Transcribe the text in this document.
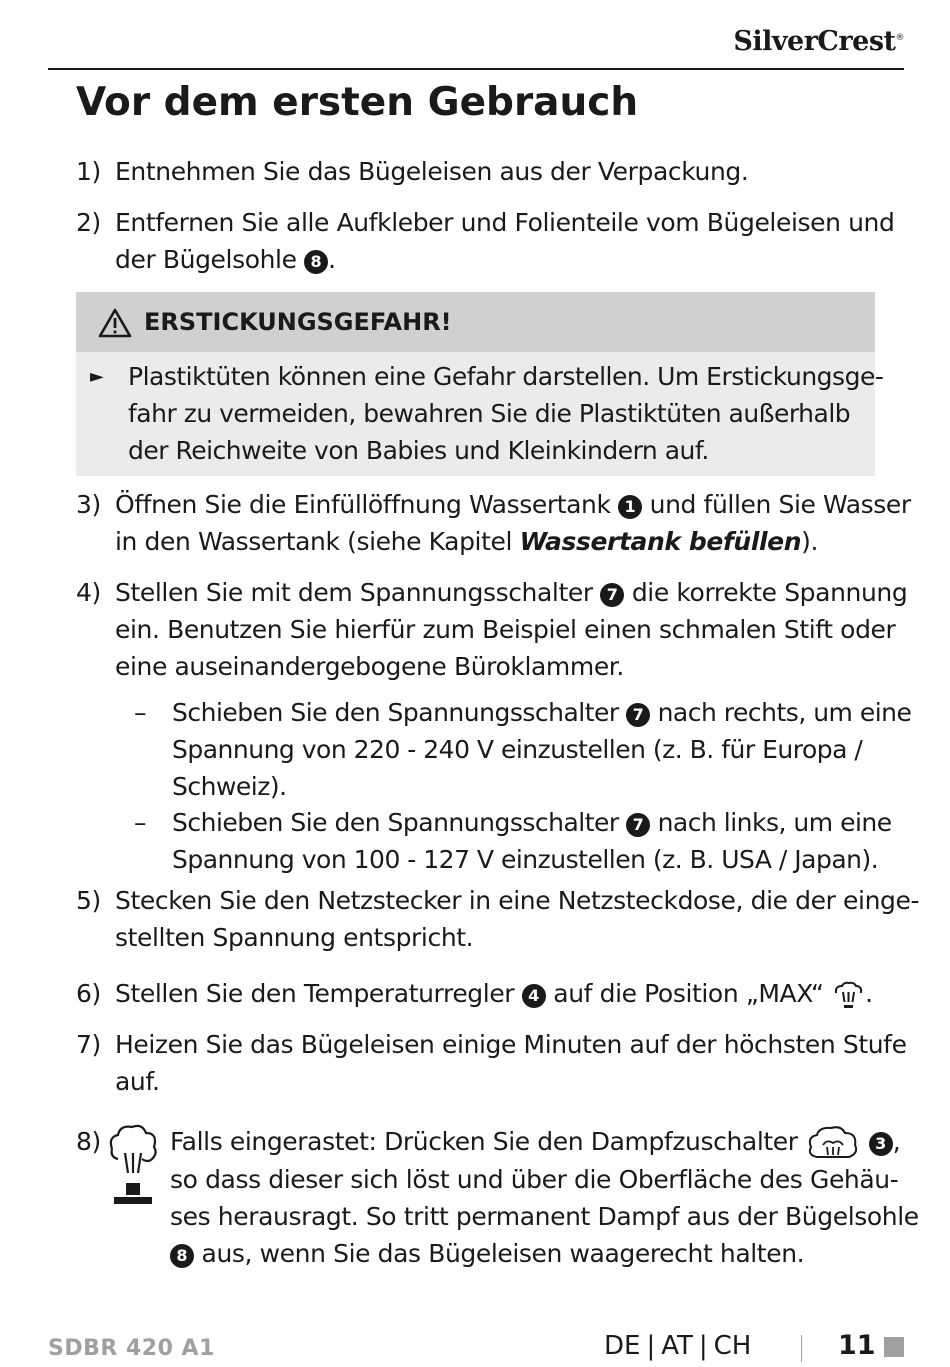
SilverCrest®
Vor dem ersten Gebrauch
1) Entnehmen Sie das Bügeleisen aus der Verpackung.
2) Entfernen Sie alle Aufkleber und Folienteile vom Bügeleisen und
der Bügelsohle 8 .
ERSTICKUNGSGEFAHR!
► Plastiktüten können eine Gefahr darstellen. Um Erstickungsge-
fahr zu vermeiden, bewahren Sie die Plastiktüten außerhalb
der Reichweite von Babies und Kleinkindern auf.
3) Öffnen Sie die Einfüllöffnung Wassertank 1 und füllen Sie Wasser
in den Wassertank (siehe Kapitel Wassertank befüllen).
4) Stellen Sie mit dem Spannungsschalter 7 die korrekte Spannung
ein. Benutzen Sie hierfür zum Beispiel einen schmalen Stift oder
eine auseinandergebogene Büroklammer.
– Schieben Sie den Spannungsschalter 7 nach rechts, um eine
Spannung von 220 - 240 V einzustellen (z. B. für Europa /
Schweiz).
– Schieben Sie den Spannungsschalter 7 nach links, um eine
Spannung von 100 - 127 V einzustellen (z. B. USA / Japan).
5) Stecken Sie den Netzstecker in eine Netzsteckdose, die der einge-
stellten Spannung entspricht.
6) Stellen Sie den Temperaturregler 4 auf die Position „MAX“ .
7) Heizen Sie das Bügeleisen einige Minuten auf der höchsten Stufe
auf.
8)	Falls eingerastet: Drücken Sie den Dampfzuschalter	3 ,
so dass dieser sich löst und über die Oberfläche des Gehäu-
ses herausragt. So tritt permanent Dampf aus der Bügelsohle
8 aus, wenn Sie das Bügeleisen waagerecht halten.
SDBR 420 A1	DE | AT | CH	11
